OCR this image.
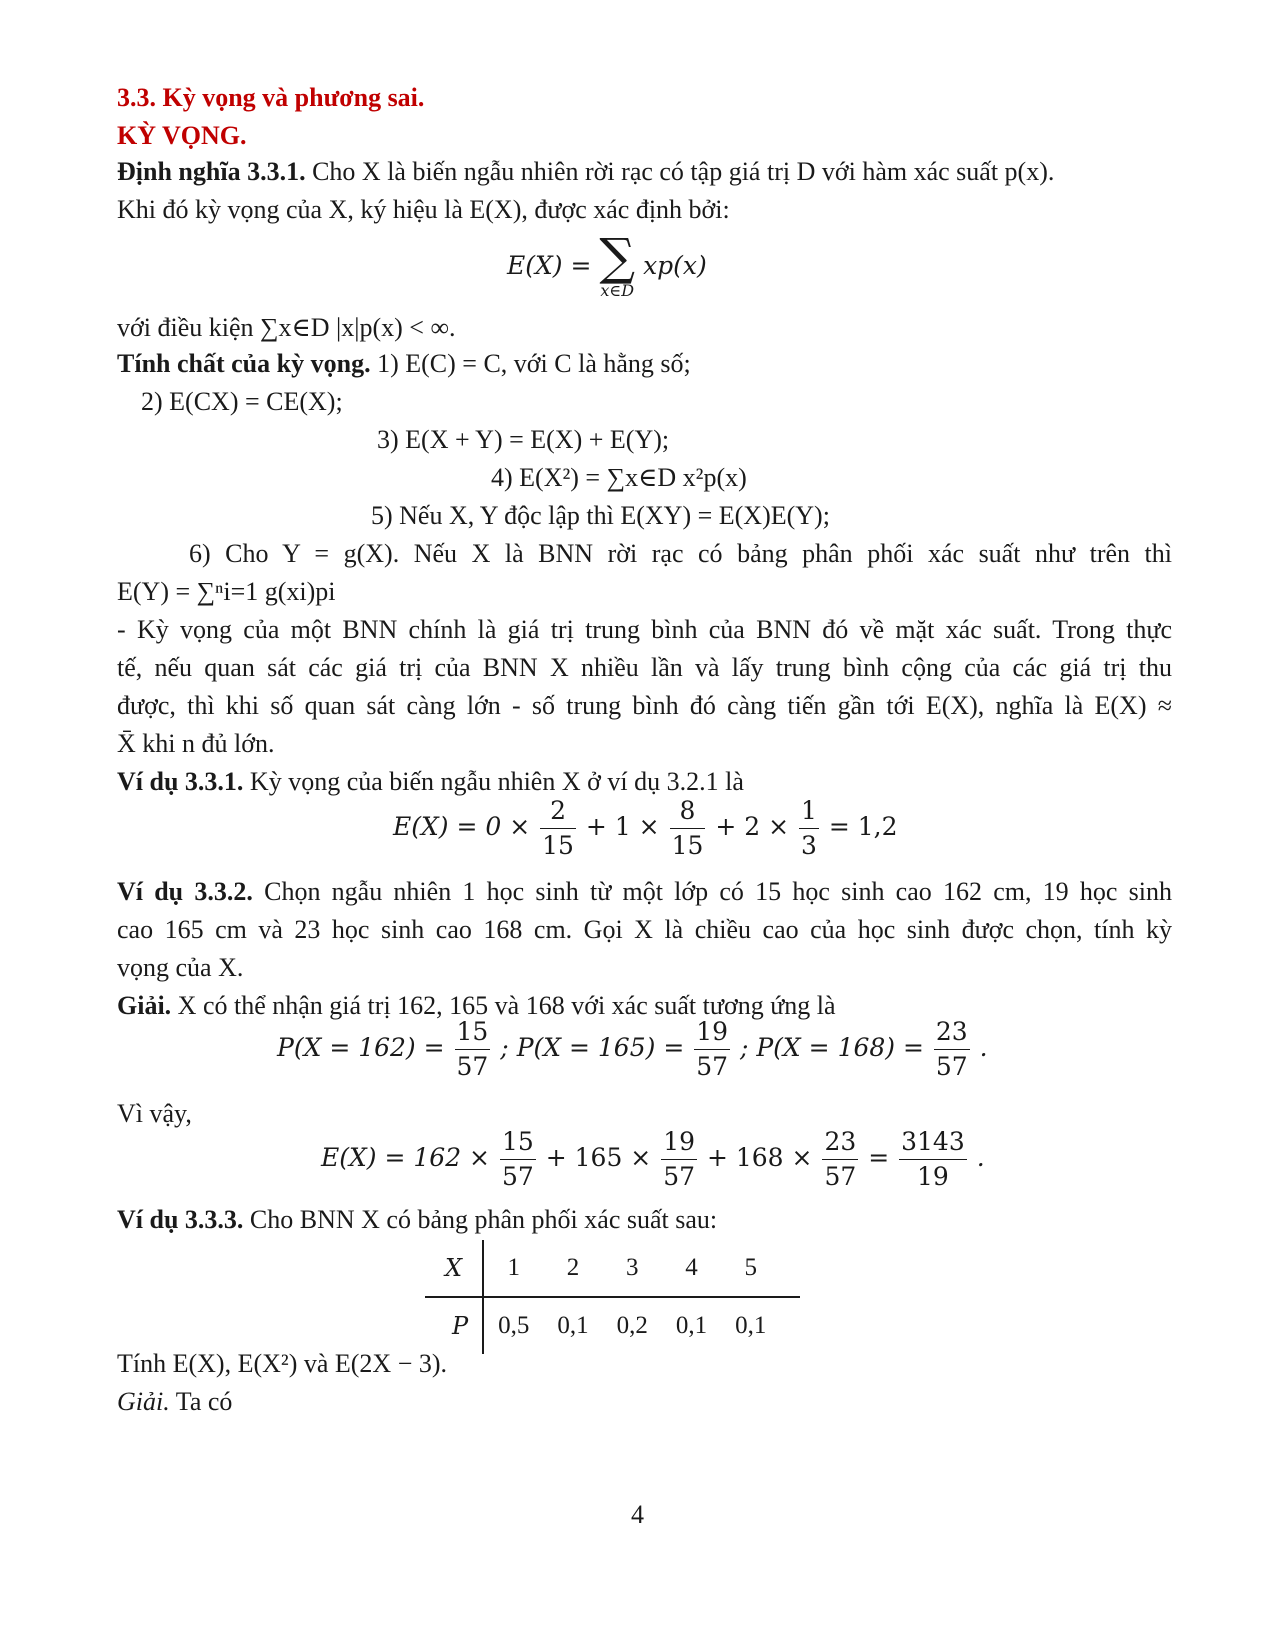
3.3. Kỳ vọng và phương sai.
KỲ VỌNG.
Định nghĩa 3.3.1. Cho X là biến ngẫu nhiên rời rạc có tập giá trị D với hàm xác suất p(x).
Khi đó kỳ vọng của X, ký hiệu là E(X), được xác định bởi:
E(X) = ∑
x∈D
xp(x)
với điều kiện ∑x∈D |x|p(x) < ∞.
Tính chất của kỳ vọng. 1) E(C) = C, với C là hằng số;
2) E(CX) = CE(X);
3) E(X + Y) = E(X) + E(Y);
4) E(X²) = ∑x∈D x²p(x)
5) Nếu X, Y độc lập thì E(XY) = E(X)E(Y);
6) Cho Y = g(X). Nếu X là BNN rời rạc có bảng phân phối xác suất như trên thì
E(Y) = ∑ⁿi=1 g(xi)pi
- Kỳ vọng của một BNN chính là giá trị trung bình của BNN đó về mặt xác suất. Trong thực
tế, nếu quan sát các giá trị của BNN X nhiều lần và lấy trung bình cộng của các giá trị thu
được, thì khi số quan sát càng lớn - số trung bình đó càng tiến gần tới E(X), nghĩa là E(X) ≈
X̄ khi n đủ lớn.
Ví dụ 3.3.1. Kỳ vọng của biến ngẫu nhiên X ở ví dụ 3.2.1 là
$E(X) = 0 \times \frac{2}{15} + 1 \times \frac{8}{15} + 2 \times \frac{1}{3} = 1,2$
Ví dụ 3.3.2. Chọn ngẫu nhiên 1 học sinh từ một lớp có 15 học sinh cao 162 cm, 19 học sinh
cao 165 cm và 23 học sinh cao 168 cm. Gọi X là chiều cao của học sinh được chọn, tính kỳ
vọng của X.
Giải. X có thể nhận giá trị 162, 165 và 168 với xác suất tương ứng là
$P(X = 162) = \frac{15}{57}$ ; $P(X = 165) = \frac{19}{57}$ ; $P(X = 168) = \frac{23}{57}$ .
Vì vậy,
$E(X) = 162 \times \frac{15}{57} + 165 \times \frac{19}{57} + 168 \times \frac{23}{57} = \frac{3143}{19}$ .
Ví dụ 3.3.3. Cho BNN X có bảng phân phối xác suất sau:
X	1	2	3	4	5
P	0,5	0,1	0,2	0,1	0,1
Tính E(X), E(X²) và E(2X − 3).
Giải. Ta có
4
